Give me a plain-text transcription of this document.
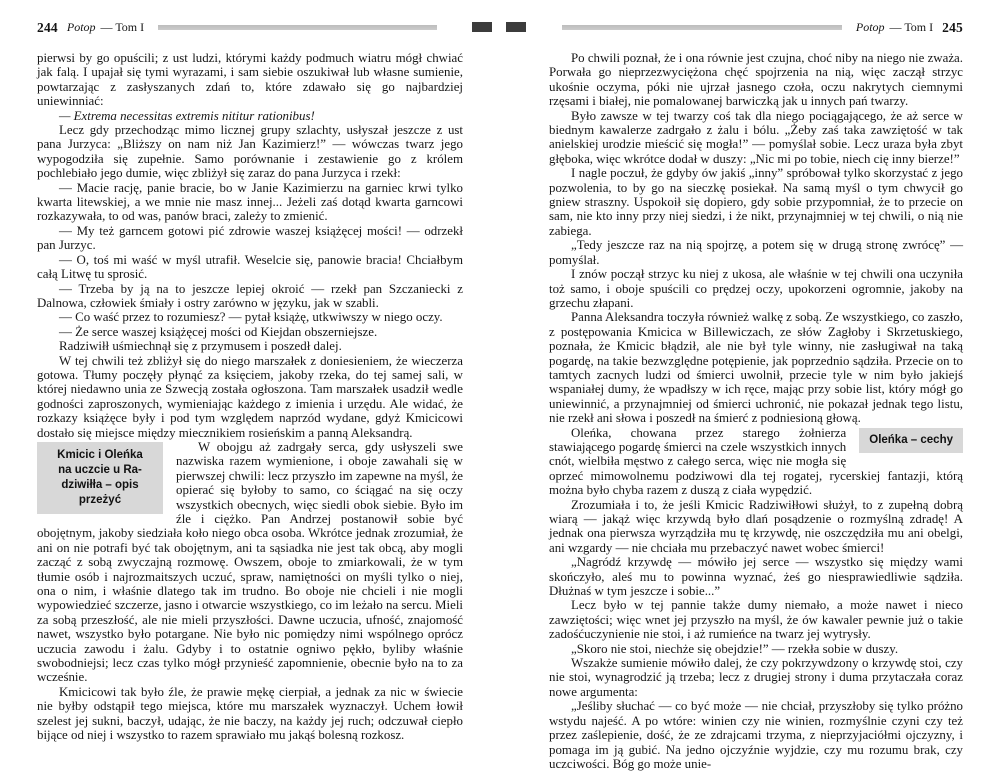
244 Potop — Tom I

pierwsi by go opuścili; z ust ludzi, którymi każdy podmuch wiatru mógł chwiać jak falą. I upajał się tymi wyrazami, i sam siebie oszukiwał lub własne sumienie, powtarzając z zasłyszanych zdań to, które zdawało się go najbardziej uniewinniać:

— Extrema necessitas extremis nititur rationibus!

Lecz gdy przechodząc mimo licznej grupy szlachty, usłyszał jeszcze z ust pana Jurzyca: „Bliższy on nam niż Jan Kazimierz!” — wówczas twarz jego wypogodziła się zupełnie. Samo porównanie i zestawienie go z królem pochlebiało jego dumie, więc zbliżył się zaraz do pana Jurzyca i rzekł:

— Macie rację, panie bracie, bo w Janie Kazimierzu na garniec krwi tylko kwarta litewskiej, a we mnie nie masz innej... Jeżeli zaś dotąd kwarta garncowi rozkazywała, to od was, panów braci, zależy to zmienić.

— My też garncem gotowi pić zdrowie waszej książęcej mości! — odrzekł pan Jurzyc.

— O, toś mi waść w myśl utrafił. Weselcie się, panowie bracia! Chciałbym całą Litwę tu sprosić.

— Trzeba by ją na to jeszcze lepiej okroić — rzekł pan Szczaniecki z Dalnowa, człowiek śmiały i ostry zarówno w języku, jak w szabli.

— Co waść przez to rozumiesz? — pytał książę, utkwiwszy w niego oczy.

— Że serce waszej książęcej mości od Kiejdan obszerniejsze.

Radziwiłł uśmiechnął się z przymusem i poszedł dalej.

W tej chwili też zbliżył się do niego marszałek z doniesieniem, że wieczerza gotowa. Tłumy poczęły płynąć za księciem, jakoby rzeka, do tej samej sali, w której niedawno unia ze Szwecją została ogłoszona. Tam marszałek usadził wedle godności zaproszonych, wymieniając każdego z imienia i urzędu. Ale widać, że rozkazy książęce były i pod tym względem naprzód wydane, gdyż Kmicicowi dostało się miejsce między miecznikiem rosieńskim a panną Aleksandrą.

Kmicic i Oleńka
na uczcie u Ra-
dziwiłła – opis
przeżyć
W obojgu aż zadrgały serca, gdy usłyszeli swe nazwiska razem wymienione, i oboje zawahali się w pierwszej chwili: lecz przyszło im zapewne na myśl, że opierać się byłoby to samo, co ściągać na się oczy wszystkich obecnych, więc siedli obok siebie. Było im źle i ciężko. Pan Andrzej postanowił sobie być obojętnym, jakoby siedziała koło niego obca osoba. Wkrótce jednak zrozumiał, że ani on nie potrafi być tak obojętnym, ani ta sąsiadka nie jest tak obcą, aby mogli zacząć z sobą zwyczajną rozmowę. Owszem, oboje to zmiarkowali, że w tym tłumie osób i najrozmaitszych uczuć, spraw, namiętności on myśli tylko o niej, ona o nim, i właśnie dlatego tak im trudno. Bo oboje nie chcieli i nie mogli wypowiedzieć szczerze, jasno i otwarcie wszystkiego, co im leżało na sercu. Mieli za sobą przeszłość, ale nie mieli przyszłości. Dawne uczucia, ufność, znajomość nawet, wszystko było potargane. Nie było nic pomiędzy nimi wspólnego oprócz uczucia zawodu i żalu. Gdyby i to ostatnie ogniwo pękło, byliby właśnie swobodniejsi; lecz czas tylko mógł przynieść zapomnienie, obecnie było na to za wcześnie.

Kmicicowi tak było źle, że prawie mękę cierpiał, a jednak za nic w świecie nie byłby odstąpił tego miejsca, które mu marszałek wyznaczył. Uchem łowił szelest jej sukni, baczył, udając, że nie baczy, na każdy jej ruch; odczuwał ciepło bijące od niej i wszystko to razem sprawiało mu jakąś bolesną rozkosz.

Potop — Tom I 245

Po chwili poznał, że i ona równie jest czujna, choć niby na niego nie zważa. Porwała go nieprzezwyciężona chęć spojrzenia na nią, więc zaczął strzyc ukośnie oczyma, póki nie ujrzał jasnego czoła, oczu nakrytych ciemnymi rzęsami i białej, nie pomalowanej barwiczką jak u innych pań twarzy.

Było zawsze w tej twarzy coś tak dla niego pociągającego, że aż serce w biednym kawalerze zadrgało z żalu i bólu. „Żeby zaś taka zawziętość w tak anielskiej urodzie mieścić się mogła!” — pomyślał sobie. Lecz uraza była zbyt głęboka, więc wkrótce dodał w duszy: „Nic mi po tobie, niech cię inny bierze!”

I nagle poczuł, że gdyby ów jakiś „inny” spróbował tylko skorzystać z jego pozwolenia, to by go na sieczkę posiekał. Na samą myśl o tym chwycił go gniew straszny. Uspokoił się dopiero, gdy sobie przypomniał, że to przecie on sam, nie kto inny przy niej siedzi, i że nikt, przynajmniej w tej chwili, o nią nie zabiega.

„Tedy jeszcze raz na nią spojrzę, a potem się w drugą stronę zwrócę” — pomyślał.

I znów począł strzyc ku niej z ukosa, ale właśnie w tej chwili ona uczyniła toż samo, i oboje spuścili co prędzej oczy, upokorzeni ogromnie, jakoby na grzechu złapani.

Panna Aleksandra toczyła również walkę z sobą. Ze wszystkiego, co zaszło, z postępowania Kmicica w Billewiczach, ze słów Zagłoby i Skrzetuskiego, poznała, że Kmicic błądził, ale nie był tyle winny, nie zasługiwał na taką pogardę, na takie bezwzględne potępienie, jak poprzednio sądziła. Przecie on to tamtych zacnych ludzi od śmierci uwolnił, przecie tyle w nim było jakiejś wspaniałej dumy, że wpadłszy w ich ręce, mając przy sobie list, który mógł go uniewinnić, a przynajmniej od śmierci uchronić, nie pokazał jednak tego listu, nie rzekł ani słowa i poszedł na śmierć z podniesioną głową.

Oleńka – cechy
Oleńka, chowana przez starego żołnierza stawiającego pogardę śmierci na czele wszystkich innych cnót, wielbiła męstwo z całego serca, więc nie mogła się oprzeć mimowolnemu podziwowi dla tej rogatej, rycerskiej fantazji, którą można było chyba razem z duszą z ciała wypędzić.

Zrozumiała i to, że jeśli Kmicic Radziwiłłowi służył, to z zupełną dobrą wiarą — jakąż więc krzywdą było dlań posądzenie o rozmyślną zdradę! A jednak ona pierwsza wyrządziła mu tę krzywdę, nie oszczędziła mu ani obelgi, ani wzgardy — nie chciała mu przebaczyć nawet wobec śmierci!

„Nagródź krzywdę — mówiło jej serce — wszystko się między wami skończyło, aleś mu to powinna wyznać, żeś go niesprawiedliwie sądziła. Dłużnaś w tym jeszcze i sobie...”

Lecz było w tej pannie także dumy niemało, a może nawet i nieco zawziętości; więc wnet jej przyszło na myśl, że ów kawaler pewnie już o takie zadośćuczynienie nie stoi, i aż rumieńce na twarz jej wytrysły.

„Skoro nie stoi, niechże się obejdzie!” — rzekła sobie w duszy.

Wszakże sumienie mówiło dalej, że czy pokrzywdzony o krzywdę stoi, czy nie stoi, wynagrodzić ją trzeba; lecz z drugiej strony i duma przytaczała coraz nowe argumenta:

„Jeśliby słuchać — co być może — nie chciał, przyszłoby się tylko próżno wstydu najeść. A po wtóre: winien czy nie winien, rozmyślnie czyni czy też przez zaślepienie, dość, że ze zdrajcami trzyma, z nieprzyjaciółmi ojczyzny, i pomaga im ją gubić. Na jedno ojczyźnie wyjdzie, czy mu rozumu brak, czy uczciwości. Bóg go może unie-
